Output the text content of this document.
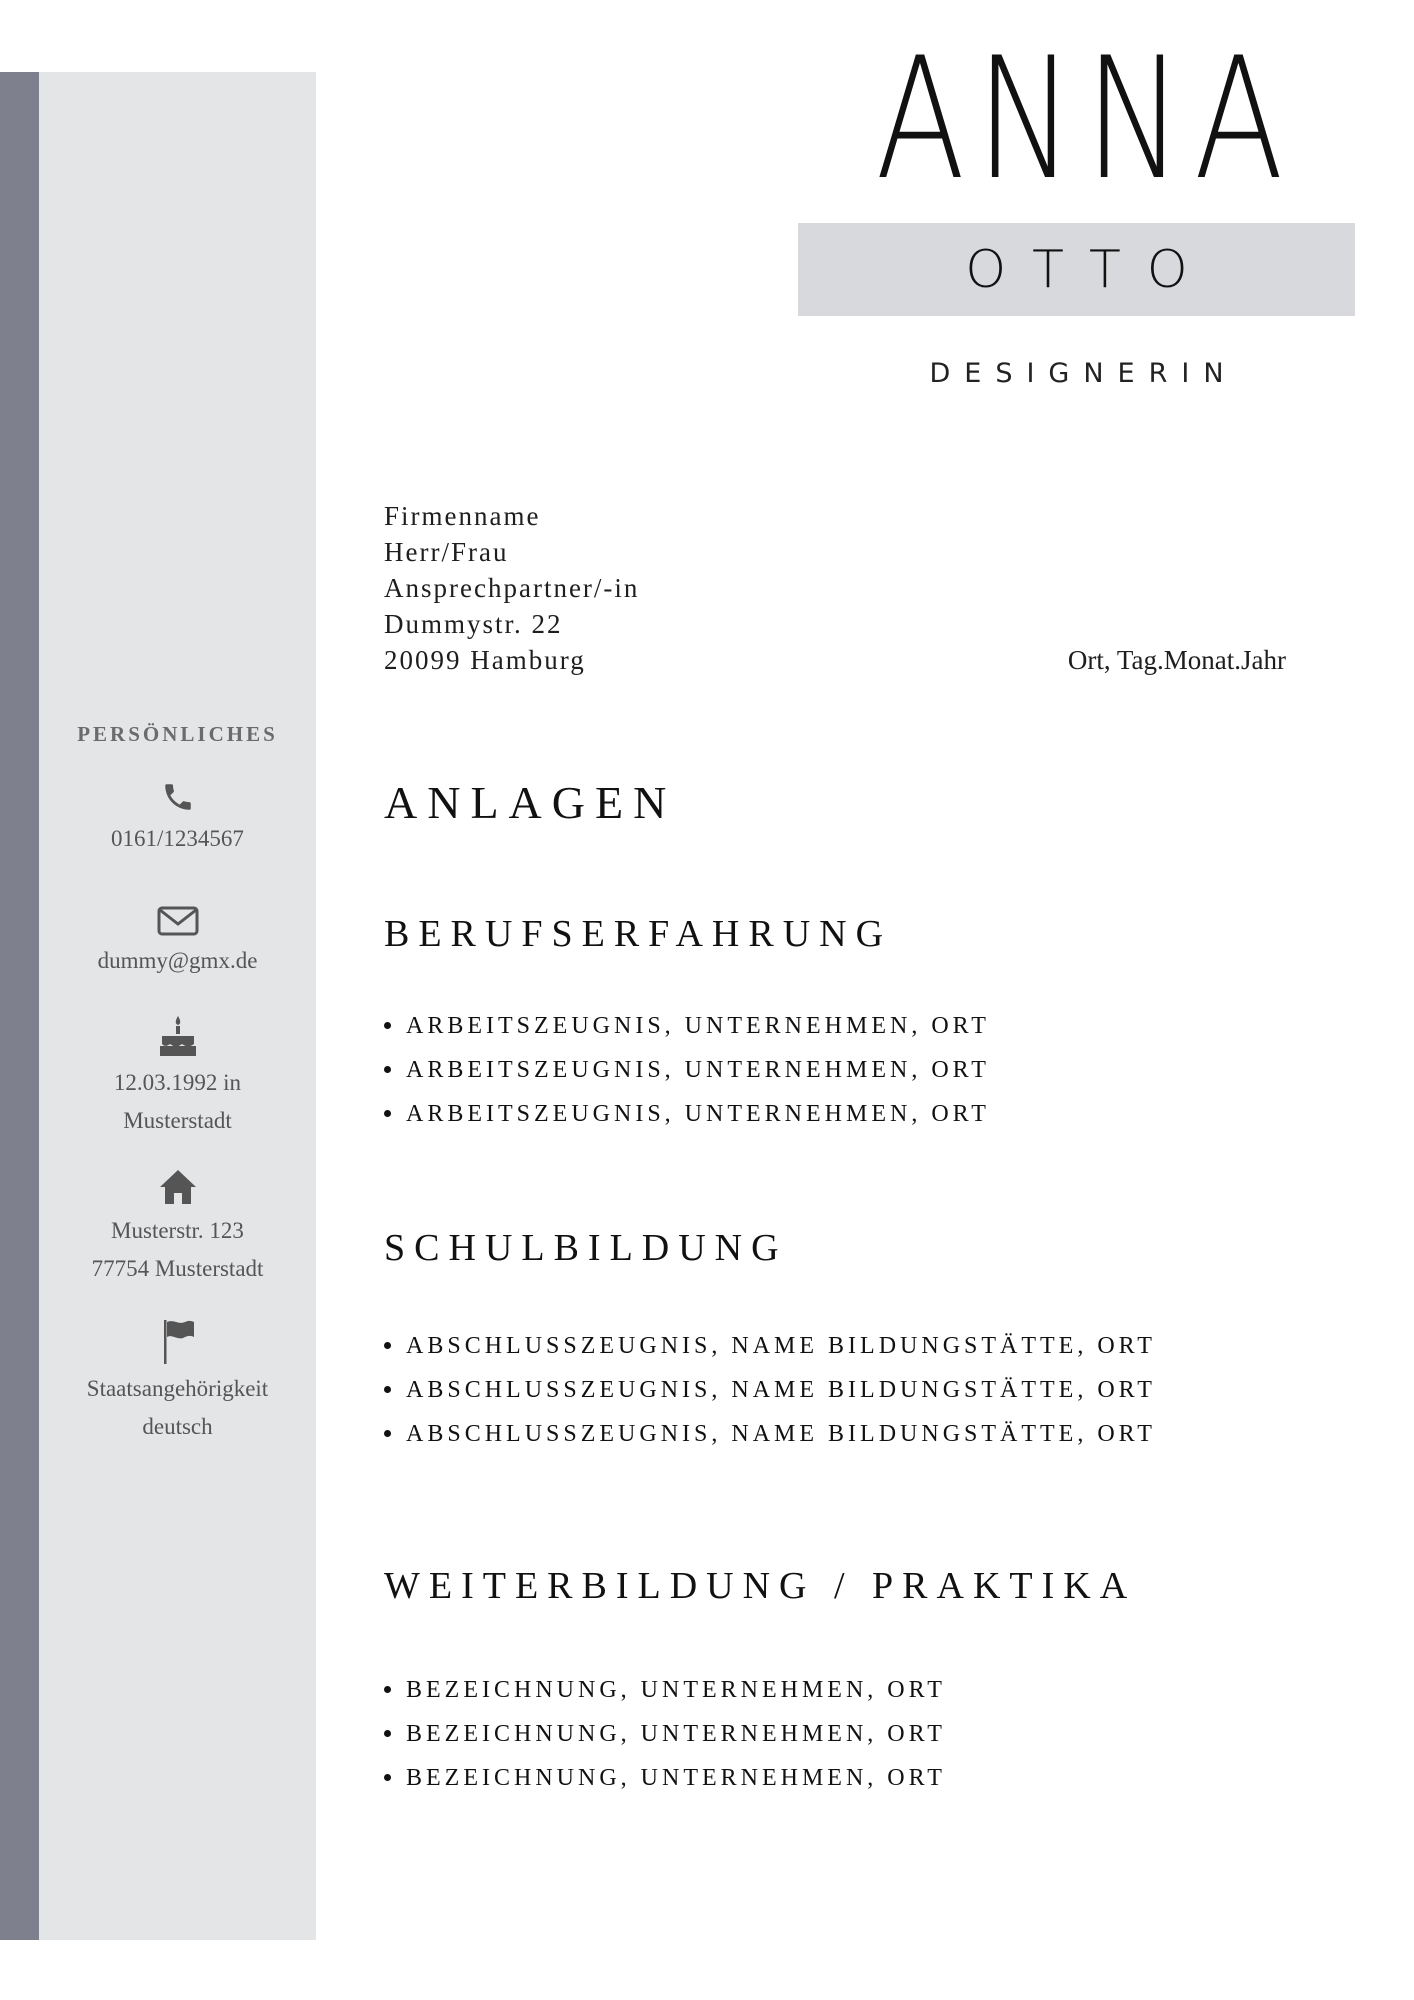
ANNA
OTTO
DESIGNERIN
PERSÖNLICHES
0161/1234567
dummy@gmx.de
12.03.1992 in
Musterstadt
Musterstr. 123
77754 Musterstadt
Staatsangehörigkeit
deutsch
Firmenname
Herr/Frau
Ansprechpartner/-in
Dummystr. 22
20099 Hamburg	Ort, Tag.Monat.Jahr
ANLAGEN
BERUFSERFAHRUNG
ARBEITSZEUGNIS, UNTERNEHMEN, ORT
ARBEITSZEUGNIS, UNTERNEHMEN, ORT
ARBEITSZEUGNIS, UNTERNEHMEN, ORT
SCHULBILDUNG
ABSCHLUSSZEUGNIS, NAME BILDUNGSTÄTTE, ORT
ABSCHLUSSZEUGNIS, NAME BILDUNGSTÄTTE, ORT
ABSCHLUSSZEUGNIS, NAME BILDUNGSTÄTTE, ORT
WEITERBILDUNG / PRAKTIKA
BEZEICHNUNG, UNTERNEHMEN, ORT
BEZEICHNUNG, UNTERNEHMEN, ORT
BEZEICHNUNG, UNTERNEHMEN, ORT
